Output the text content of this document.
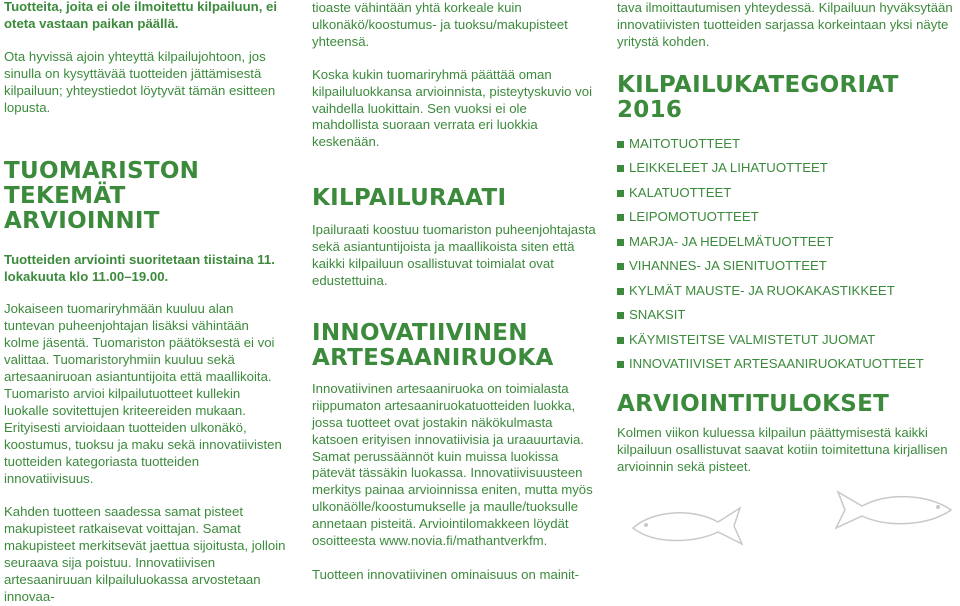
Tuotteita, joita ei ole ilmoitettu kilpailuun, ei oteta vastaan paikan päällä.

Ota hyvissä ajoin yhteyttä kilpailujohtoon, jos sinulla on kysyttävää tuotteiden jättämisestä kilpailuun; yhteystiedot löytyvät tämän esitteen lopusta.

TUOMARISTON TEKEMÄT ARVIOINNIT

Tuotteiden arviointi suoritetaan tiistaina 11. lokakuuta klo 11.00–19.00.

Jokaiseen tuomariryhmään kuuluu alan tuntevan puheenjohtajan lisäksi vähintään kolme jäsentä. Tuomariston päätöksestä ei voi valittaa. Tuomaristoryhmiin kuuluu sekä artesaaniruoan asiantuntijoita että maallikoita. Tuomaristo arvioi kilpailutuotteet kullekin luokalle sovitettujen kriteereiden mukaan. Erityisesti arvioidaan tuotteiden ulkonäkö, koostumus, tuoksu ja maku sekä innovatiivisten tuotteiden kategoriasta tuotteiden innovatiivisuus.

Kahden tuotteen saadessa samat pisteet makupisteet ratkaisevat voittajan. Samat makupisteet merkitsevät jaettua sijoitusta, jolloin seuraava sija poistuu. Innovatiivisen artesaaniruuan kilpailuluokassa arvostetaan innovaa-

tioaste vähintään yhtä korkeale kuin ulkonäkö/koostumus- ja tuoksu/makupisteet yhteensä.

Koska kukin tuomariryhmä päättää oman kilpailuluokkansa arvioinnista, pisteytyskuvio voi vaihdella luokittain. Sen vuoksi ei ole mahdollista suoraan verrata eri luokkia keskenään.

KILPAILURAATI

Ipailuraati koostuu tuomariston puheenjohtajasta sekä asiantuntijoista ja maallikoista siten että kaikki kilpailuun osallistuvat toimialat ovat edustettuina.

INNOVATIIVINEN ARTESAANIRUOKA

Innovatiivinen artesaaniruoka on toimialasta riippumaton artesaaniruokatuotteiden luokka, jossa tuotteet ovat jostakin näkökulmasta katsoen erityisen innovatiivisia ja uraauurtavia. Samat perussäännöt kuin muissa luokissa pätevät tässäkin luokassa. Innovatiivisuusteen merkitys painaa arvioinnissa eniten, mutta myös ulkonäölle/koostumukselle ja maulle/tuoksulle annetaan pisteitä. Arviointilomakkeen löydät osoitteesta www.novia.fi/mathantverkfm.

Tuotteen innovatiivinen ominaisuus on mainit-

tava ilmoittautumisen yhteydessä. Kilpailuun hyväksytään innovatiivisten tuotteiden sarjassa korkeintaan yksi näyte yritystä kohden.

KILPAILUKATEGORIAT 2016
MAITOTUOTTEET
LEIKKELEET JA LIHATUOTTEET
KALATUOTTEET
LEIPOMOTUOTTEET
MARJA- JA HEDELMÄTUOTTEET
VIHANNES- JA SIENITUOTTEET
KYLMÄT MAUSTE- JA RUOKAKASTIKKEET
SNAKSIT
KÄYMISTEITSE VALMISTETUT JUOMAT
INNOVATIIVISET ARTESAANIRUOKATUOTTEET
ARVIOINTITULOKSET

Kolmen viikon kuluessa kilpailun päättymisestä kaikki kilpailuun osallistuvat saavat kotiin toimitettuna kirjallisen arvioinnin sekä pisteet.
